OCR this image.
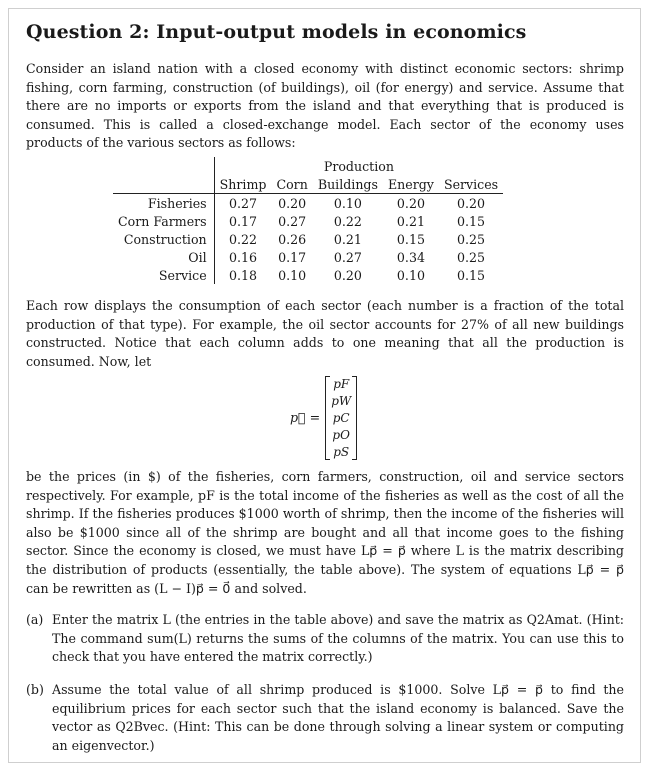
Question 2: Input-output models in economics
Consider an island nation with a closed economy with distinct economic sectors: shrimp fishing, corn farming, construction (of buildings), oil (for energy) and service. Assume that there are no imports or exports from the island and that everything that is produced is consumed. This is called a closed-exchange model. Each sector of the economy uses products of the various sectors as follows:
	Production				
	Shrimp	Corn	Buildings	Energy	Services
Fisheries	0.27	0.20	0.10	0.20	0.20
Corn Farmers	0.17	0.27	0.22	0.21	0.15
Construction	0.22	0.26	0.21	0.15	0.25
Oil	0.16	0.17	0.27	0.34	0.25
Service	0.18	0.10	0.20	0.10	0.15
Each row displays the consumption of each sector (each number is a fraction of the total production of that type). For example, the oil sector accounts for 27% of all new buildings constructed. Notice that each column adds to one meaning that all the production is consumed. Now, let
p⃗ =
pF
pW
pC
pO
pS
be the prices (in $) of the fisheries, corn farmers, construction, oil and service sectors respectively. For example, pF is the total income of the fisheries as well as the cost of all the shrimp. If the fisheries produces $1000 worth of shrimp, then the income of the fisheries will also be $1000 since all of the shrimp are bought and all that income goes to the fishing sector. Since the economy is closed, we must have Lp⃗ = p⃗ where L is the matrix describing the distribution of products (essentially, the table above). The system of equations Lp⃗ = p⃗ can be rewritten as (L − I)p⃗ = 0⃗ and solved.
(a) Enter the matrix L (the entries in the table above) and save the matrix as Q2Amat. (Hint: The command sum(L) returns the sums of the columns of the matrix. You can use this to check that you have entered the matrix correctly.)
(b) Assume the total value of all shrimp produced is $1000. Solve Lp⃗ = p⃗ to find the equilibrium prices for each sector such that the island economy is balanced. Save the vector as Q2Bvec. (Hint: This can be done through solving a linear system or computing an eigenvector.)
